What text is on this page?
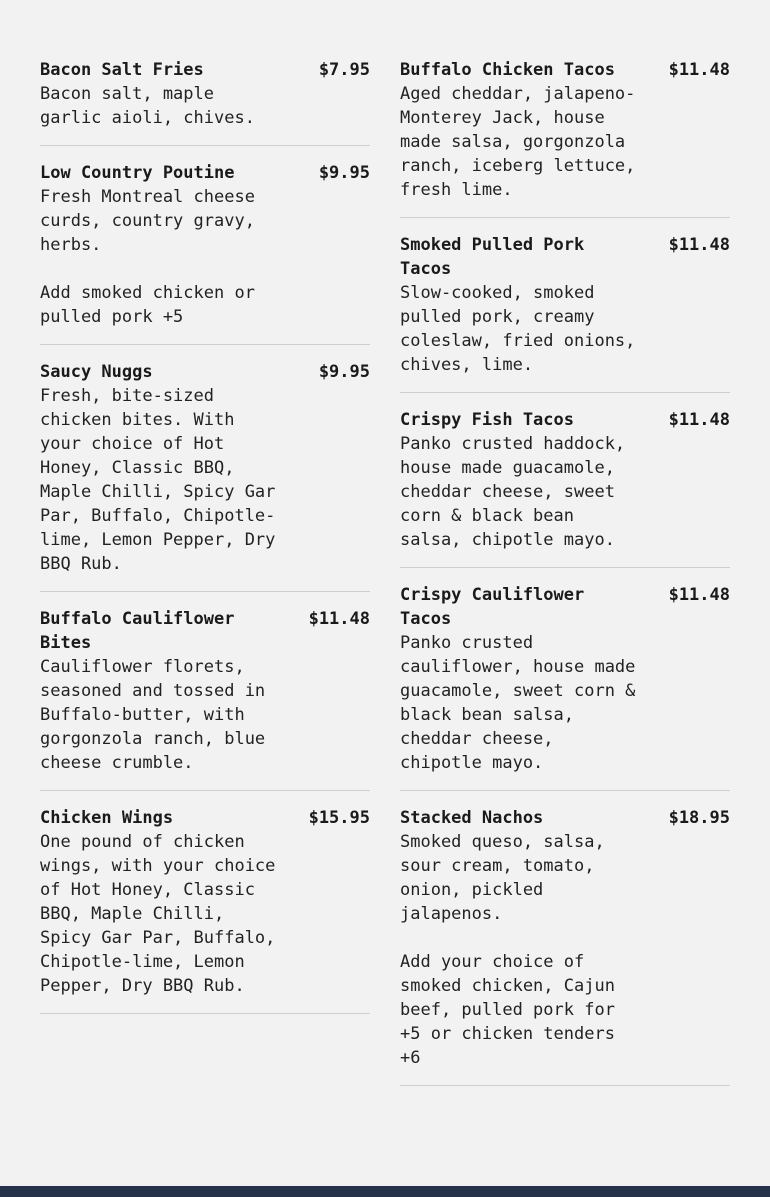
Bacon Salt Fries	$7.95
Bacon salt, maple
garlic aioli, chives.
Low Country Poutine	$9.95
Fresh Montreal cheese
curds, country gravy,
herbs.

Add smoked chicken or
pulled pork +5
Saucy Nuggs	$9.95
Fresh, bite-sized
chicken bites. With
your choice of Hot
Honey, Classic BBQ,
Maple Chilli, Spicy Gar
Par, Buffalo, Chipotle-
lime, Lemon Pepper, Dry
BBQ Rub.
Buffalo Cauliflower
Bites
$11.48
Cauliflower florets,
seasoned and tossed in
Buffalo-butter, with
gorgonzola ranch, blue
cheese crumble.
Chicken Wings	$15.95
One pound of chicken
wings, with your choice
of Hot Honey, Classic
BBQ, Maple Chilli,
Spicy Gar Par, Buffalo,
Chipotle-lime, Lemon
Pepper, Dry BBQ Rub.
Buffalo Chicken Tacos	$11.48
Aged cheddar, jalapeno-
Monterey Jack, house
made salsa, gorgonzola
ranch, iceberg lettuce,
fresh lime.
Smoked Pulled Pork
Tacos
$11.48
Slow-cooked, smoked
pulled pork, creamy
coleslaw, fried onions,
chives, lime.
Crispy Fish Tacos	$11.48
Panko crusted haddock,
house made guacamole,
cheddar cheese, sweet
corn & black bean
salsa, chipotle mayo.
Crispy Cauliflower
Tacos
$11.48
Panko crusted
cauliflower, house made
guacamole, sweet corn &
black bean salsa,
cheddar cheese,
chipotle mayo.
Stacked Nachos	$18.95
Smoked queso, salsa,
sour cream, tomato,
onion, pickled
jalapenos.

Add your choice of
smoked chicken, Cajun
beef, pulled pork for
+5 or chicken tenders
+6
